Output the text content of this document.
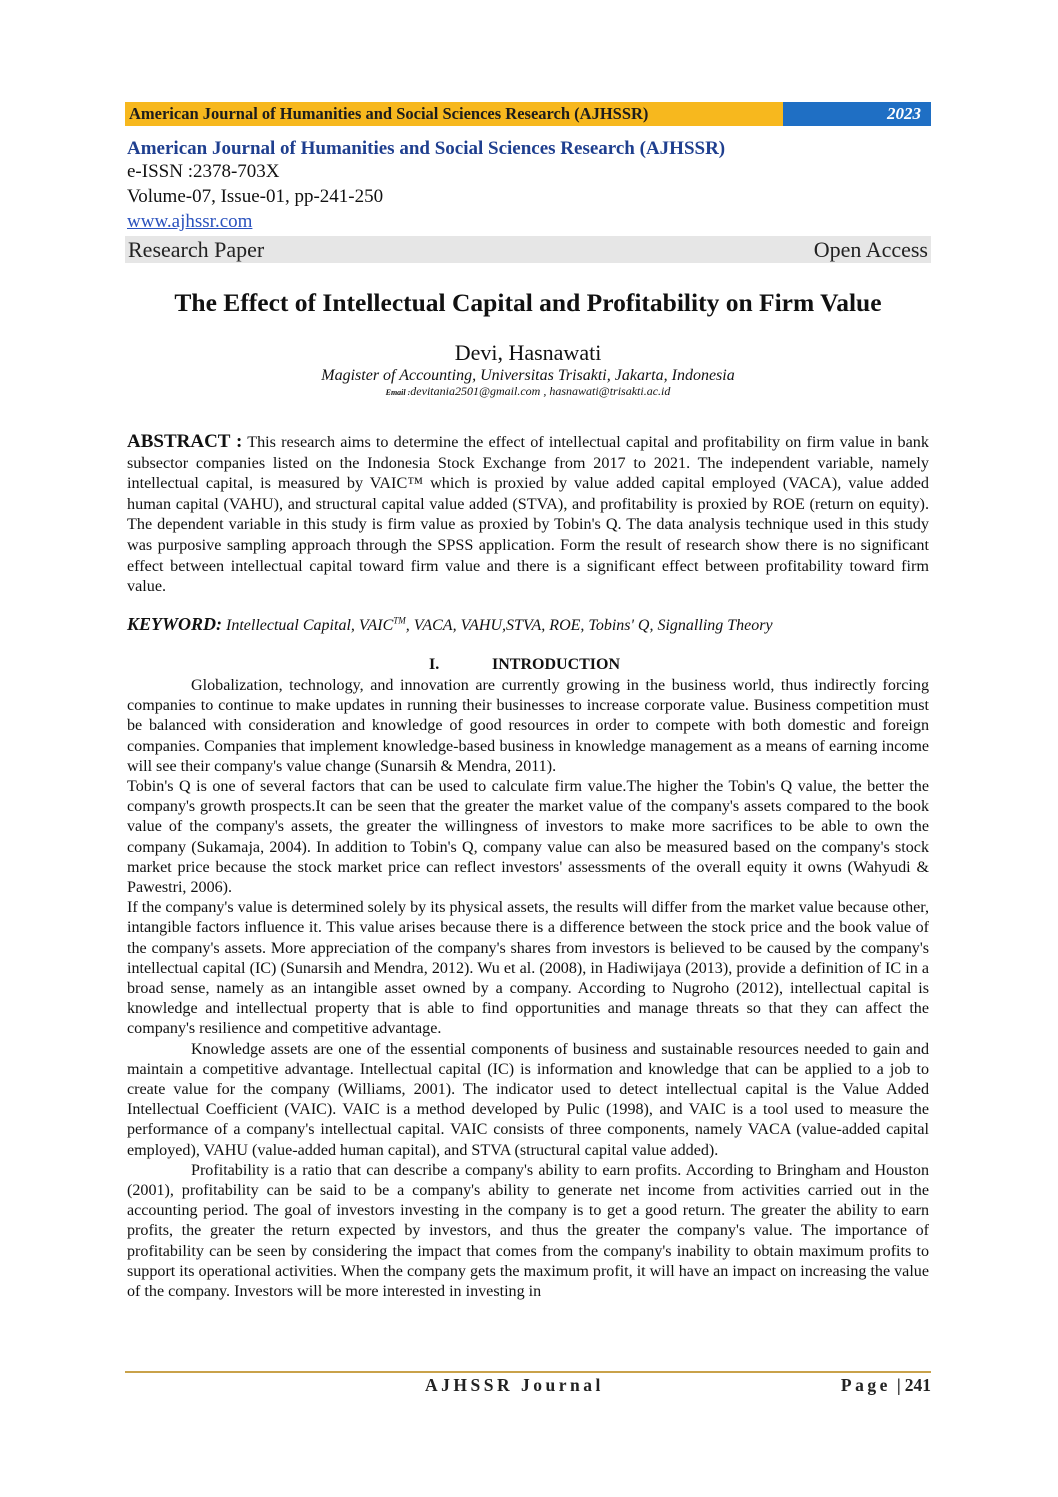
American Journal of Humanities and Social Sciences Research (AJHSSR)	2023
American Journal of Humanities and Social Sciences Research (AJHSSR)
e-ISSN :2378-703X
Volume-07, Issue-01, pp-241-250
www.ajhssr.com
Research Paper	Open Access
The Effect of Intellectual Capital and Profitability on Firm Value
Devi, Hasnawati
Magister of Accounting, Universitas Trisakti, Jakarta, Indonesia
Email :devitania2501@gmail.com , hasnawati@trisakti.ac.id
ABSTRACT : This research aims to determine the effect of intellectual capital and profitability on firm value in bank subsector companies listed on the Indonesia Stock Exchange from 2017 to 2021. The independent variable, namely intellectual capital, is measured by VAIC™ which is proxied by value added capital employed (VACA), value added human capital (VAHU), and structural capital value added (STVA), and profitability is proxied by ROE (return on equity). The dependent variable in this study is firm value as proxied by Tobin's Q. The data analysis technique used in this study was purposive sampling approach through the SPSS application. Form the result of research show there is no significant effect between intellectual capital toward firm value and there is a significant effect between profitability toward firm value.
KEYWORD: Intellectual Capital, VAIC™, VACA, VAHU,STVA, ROE, Tobins' Q, Signalling Theory
I.	INTRODUCTION

Globalization, technology, and innovation are currently growing in the business world, thus indirectly forcing companies to continue to make updates in running their businesses to increase corporate value. Business competition must be balanced with consideration and knowledge of good resources in order to compete with both domestic and foreign companies. Companies that implement knowledge-based business in knowledge management as a means of earning income will see their company's value change (Sunarsih & Mendra, 2011).

Tobin's Q is one of several factors that can be used to calculate firm value.The higher the Tobin's Q value, the better the company's growth prospects.It can be seen that the greater the market value of the company's assets compared to the book value of the company's assets, the greater the willingness of investors to make more sacrifices to be able to own the company (Sukamaja, 2004). In addition to Tobin's Q, company value can also be measured based on the company's stock market price because the stock market price can reflect investors' assessments of the overall equity it owns (Wahyudi & Pawestri, 2006).

If the company's value is determined solely by its physical assets, the results will differ from the market value because other, intangible factors influence it. This value arises because there is a difference between the stock price and the book value of the company's assets. More appreciation of the company's shares from investors is believed to be caused by the company's intellectual capital (IC) (Sunarsih and Mendra, 2012). Wu et al. (2008), in Hadiwijaya (2013), provide a definition of IC in a broad sense, namely as an intangible asset owned by a company. According to Nugroho (2012), intellectual capital is knowledge and intellectual property that is able to find opportunities and manage threats so that they can affect the company's resilience and competitive advantage.

Knowledge assets are one of the essential components of business and sustainable resources needed to gain and maintain a competitive advantage. Intellectual capital (IC) is information and knowledge that can be applied to a job to create value for the company (Williams, 2001). The indicator used to detect intellectual capital is the Value Added Intellectual Coefficient (VAIC). VAIC is a method developed by Pulic (1998), and VAIC is a tool used to measure the performance of a company's intellectual capital. VAIC consists of three components, namely VACA (value-added capital employed), VAHU (value-added human capital), and STVA (structural capital value added).

Profitability is a ratio that can describe a company's ability to earn profits. According to Bringham and Houston (2001), profitability can be said to be a company's ability to generate net income from activities carried out in the accounting period. The goal of investors investing in the company is to get a good return. The greater the ability to earn profits, the greater the return expected by investors, and thus the greater the company's value. The importance of profitability can be seen by considering the impact that comes from the company's inability to obtain maximum profits to support its operational activities. When the company gets the maximum profit, it will have an impact on increasing the value of the company. Investors will be more interested in investing in

AJHSSR Journal	Page | 241
